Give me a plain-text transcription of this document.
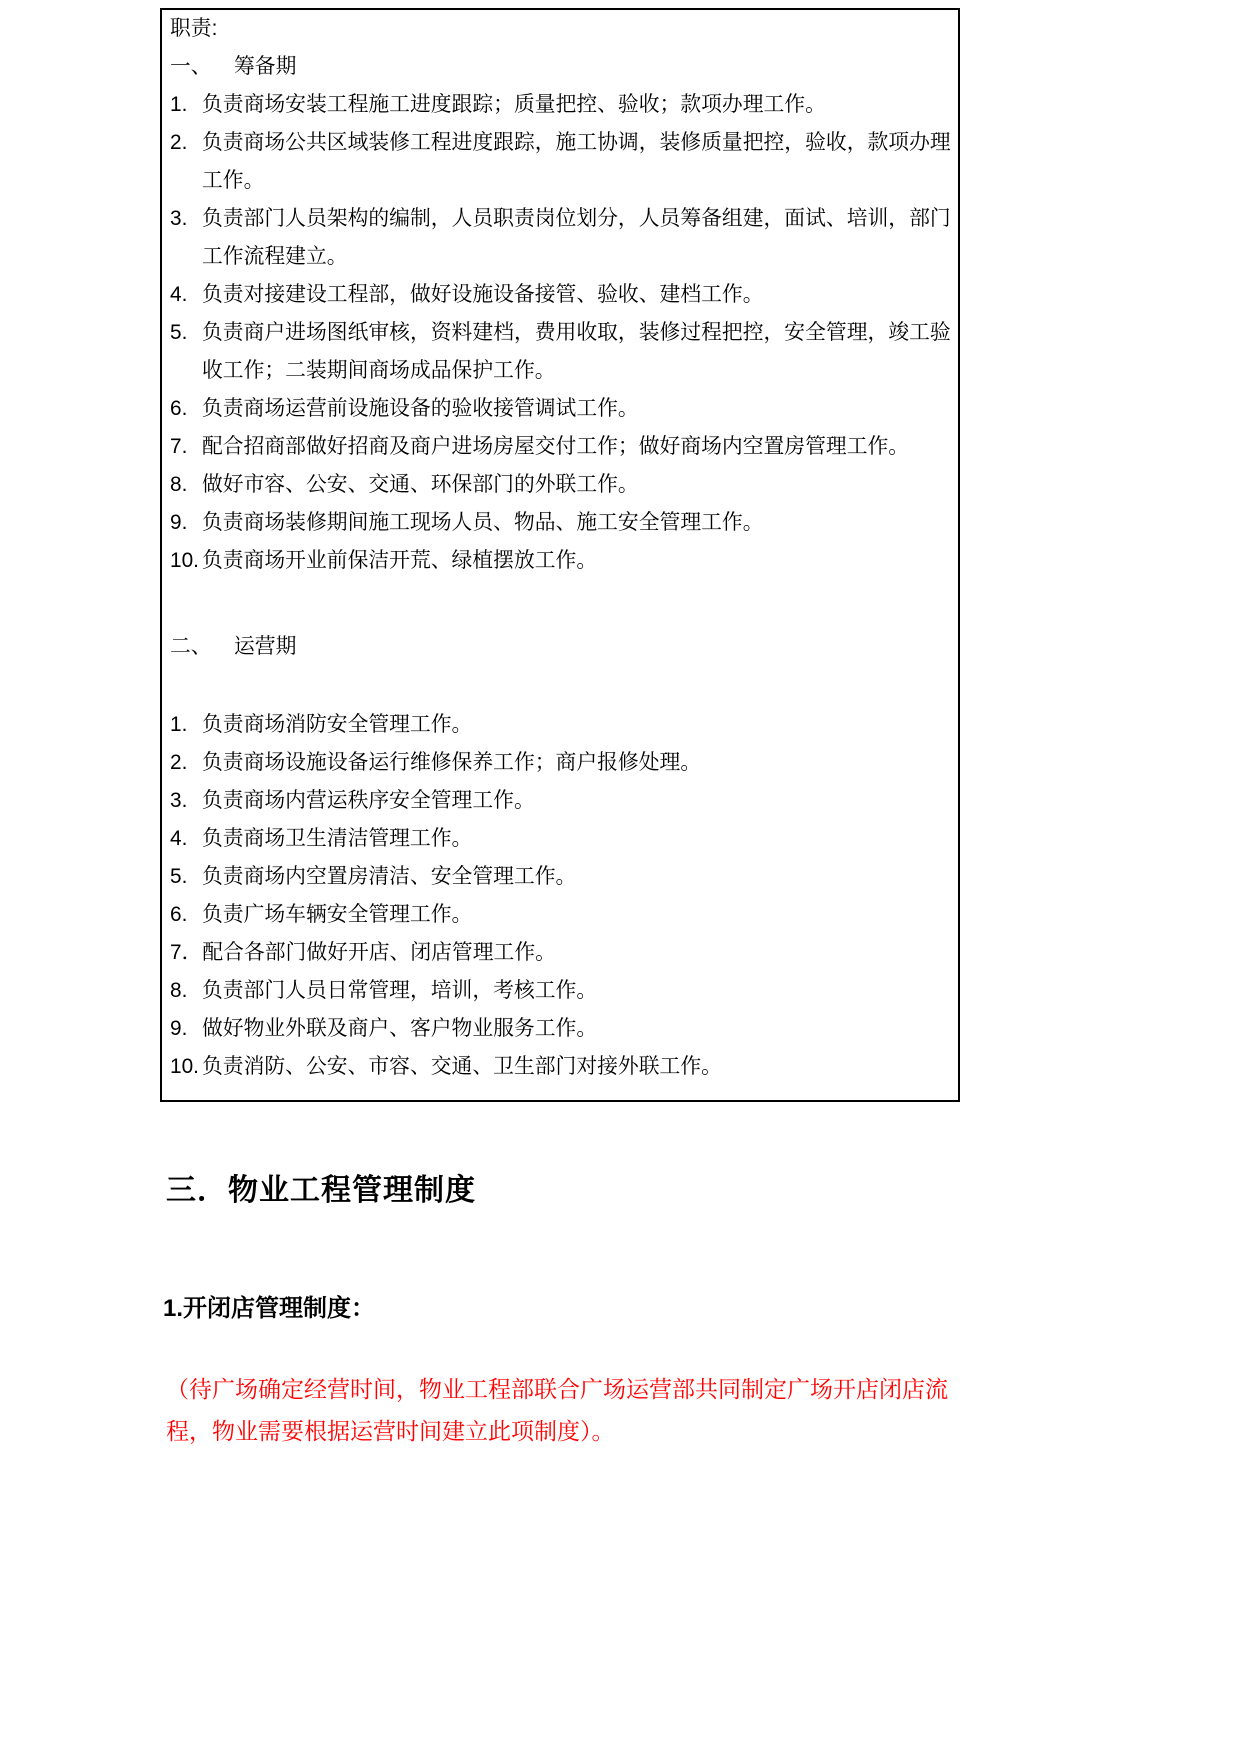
职责:
一、	筹备期
1. 负责商场安装工程施工进度跟踪；质量把控、验收；款项办理工作。
2. 负责商场公共区域装修工程进度跟踪，施工协调，装修质量把控，验收，款项办理工作。
3. 负责部门人员架构的编制，人员职责岗位划分，人员筹备组建，面试、培训，部门工作流程建立。
4. 负责对接建设工程部，做好设施设备接管、验收、建档工作。
5. 负责商户进场图纸审核，资料建档，费用收取，装修过程把控，安全管理，竣工验收工作；二装期间商场成品保护工作。
6. 负责商场运营前设施设备的验收接管调试工作。
7. 配合招商部做好招商及商户进场房屋交付工作；做好商场内空置房管理工作。
8. 做好市容、公安、交通、环保部门的外联工作。
9. 负责商场装修期间施工现场人员、物品、施工安全管理工作。
10. 负责商场开业前保洁开荒、绿植摆放工作。
二、	运营期
1. 负责商场消防安全管理工作。
2. 负责商场设施设备运行维修保养工作；商户报修处理。
3. 负责商场内营运秩序安全管理工作。
4. 负责商场卫生清洁管理工作。
5. 负责商场内空置房清洁、安全管理工作。
6. 负责广场车辆安全管理工作。
7． 配合各部门做好开店、闭店管理工作。
8. 负责部门人员日常管理，培训，考核工作。
9. 做好物业外联及商户、客户物业服务工作。
10. 负责消防、公安、市容、交通、卫生部门对接外联工作。
三．物业工程管理制度
1.开闭店管理制度：
（待广场确定经营时间，物业工程部联合广场运营部共同制定广场开店闭店流程，物业需要根据运营时间建立此项制度）。
